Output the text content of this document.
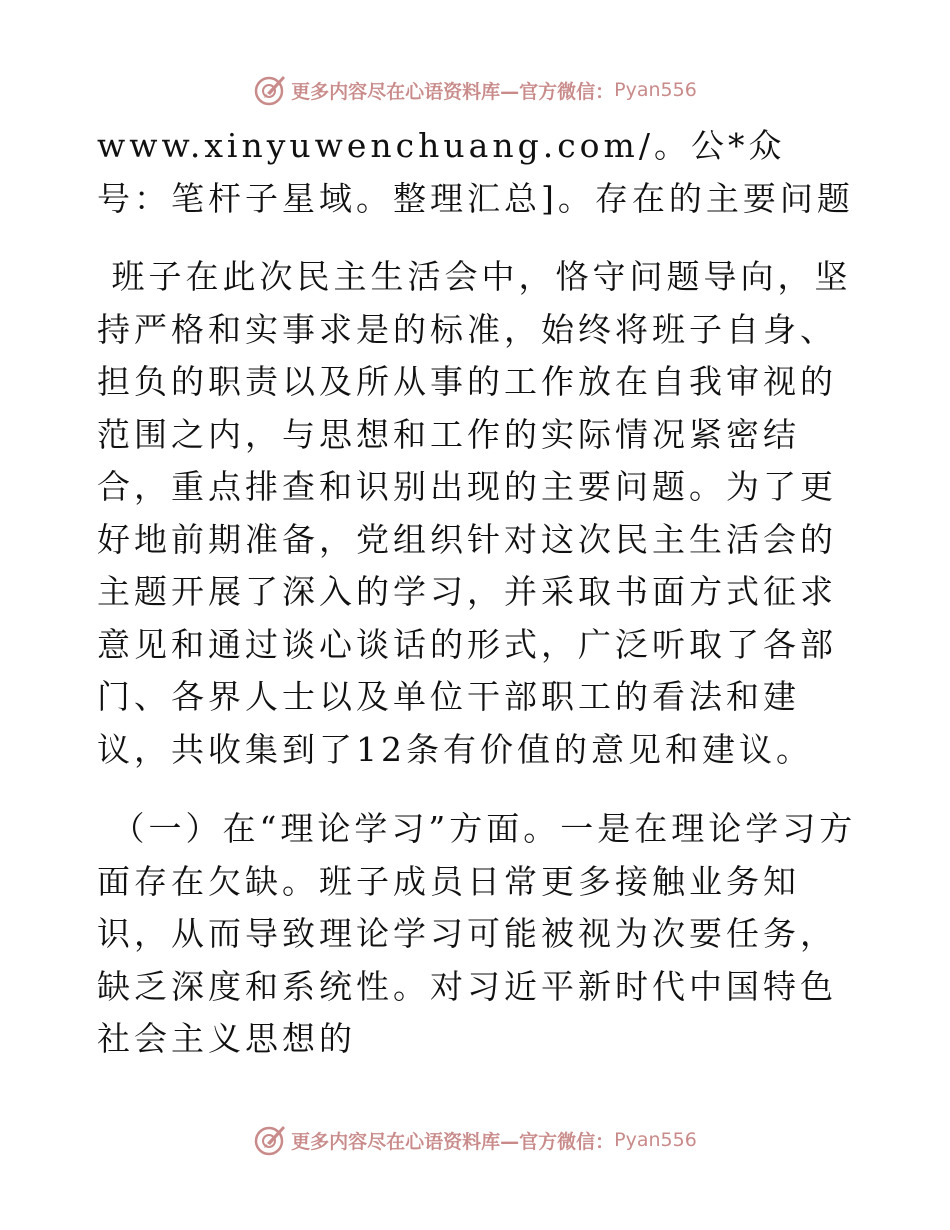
更多内容尽在心语资料库—官方微信： Pyan556

www.xinyuwenchuang.com/。公*众号：笔杆子星域。整理汇总]。存在的主要问题

班子在此次民主生活会中，恪守问题导向，坚持严格和实事求是的标准，始终将班子自身、担负的职责以及所从事的工作放在自我审视的范围之内，与思想和工作的实际情况紧密结合，重点排查和识别出现的主要问题。为了更好地前期准备，党组织针对这次民主生活会的主题开展了深入的学习，并采取书面方式征求意见和通过谈心谈话的形式，广泛听取了各部门、各界人士以及单位干部职工的看法和建议，共收集到了12条有价值的意见和建议。

（一）在“理论学习”方面。一是在理论学习方面存在欠缺。班子成员日常更多接触业务知识，从而导致理论学习可能被视为次要任务，缺乏深度和系统性。对习近平新时代中国特色社会主义思想的

更多内容尽在心语资料库—官方微信： Pyan556
